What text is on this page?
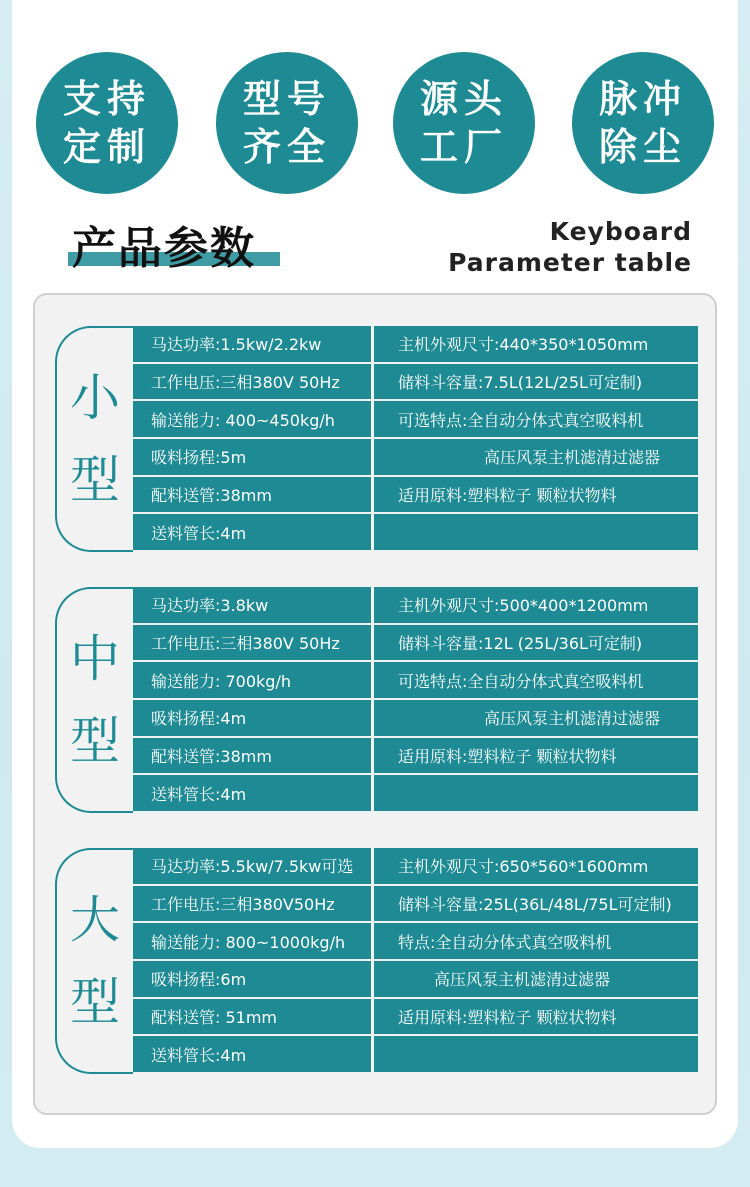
支持
定制
型号
齐全
源头
工厂
脉冲
除尘
产品参数	Keyboard
Parameter table
小
型
马达功率:1.5kw/2.2kw	主机外观尺寸:440*350*1050mm
工作电压:三相380V 50Hz	储料斗容量:7.5L(12L/25L可定制)
输送能力: 400~450kg/h	可选特点:全自动分体式真空吸料机
吸料扬程:5m	高压风泵主机滤清过滤器
配料送管:38mm	适用原料:塑料粒子 颗粒状物料
送料管长:4m
中
型
马达功率:3.8kw	主机外观尺寸:500*400*1200mm
工作电压:三相380V 50Hz	储料斗容量:12L (25L/36L可定制)
输送能力: 700kg/h	可选特点:全自动分体式真空吸料机
吸料扬程:4m	高压风泵主机滤清过滤器
配料送管:38mm	适用原料:塑料粒子 颗粒状物料
送料管长:4m
大
型
马达功率:5.5kw/7.5kw可选	主机外观尺寸:650*560*1600mm
工作电压:三相380V50Hz	储料斗容量:25L(36L/48L/75L可定制)
输送能力: 800~1000kg/h	特点:全自动分体式真空吸料机
吸料扬程:6m	高压风泵主机滤清过滤器
配料送管: 51mm	适用原料:塑料粒子 颗粒状物料
送料管长:4m
